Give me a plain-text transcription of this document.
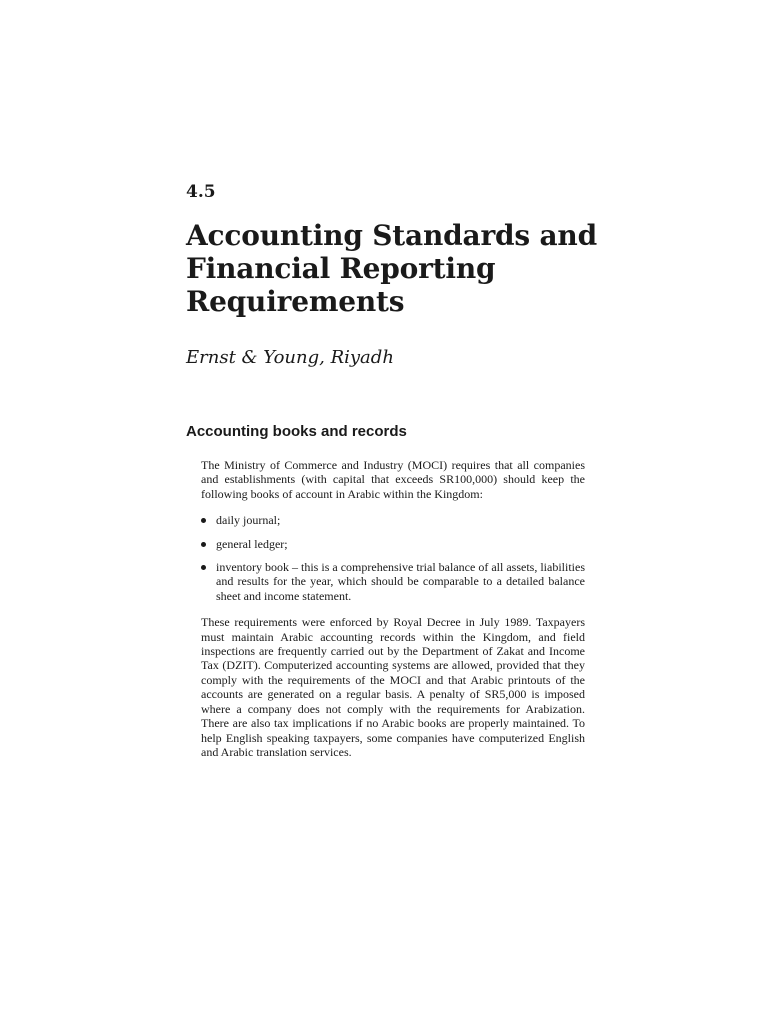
4.5
Accounting Standards and Financial Reporting Requirements
Ernst & Young, Riyadh
Accounting books and records

The Ministry of Commerce and Industry (MOCI) requires that all companies and establishments (with capital that exceeds SR100,000) should keep the following books of account in Arabic within the Kingdom:

daily journal;
general ledger;
inventory book – this is a comprehensive trial balance of all assets, liabilities and results for the year, which should be comparable to a detailed balance sheet and income statement.

These requirements were enforced by Royal Decree in July 1989. Taxpayers must maintain Arabic accounting records within the Kingdom, and field inspections are frequently carried out by the Department of Zakat and Income Tax (DZIT). Computerized accounting systems are allowed, provided that they comply with the requirements of the MOCI and that Arabic printouts of the accounts are generated on a regular basis. A penalty of SR5,000 is imposed where a company does not comply with the requirements for Arabization. There are also tax implications if no Arabic books are properly maintained. To help English speaking taxpayers, some companies have computerized English and Arabic translation services.
